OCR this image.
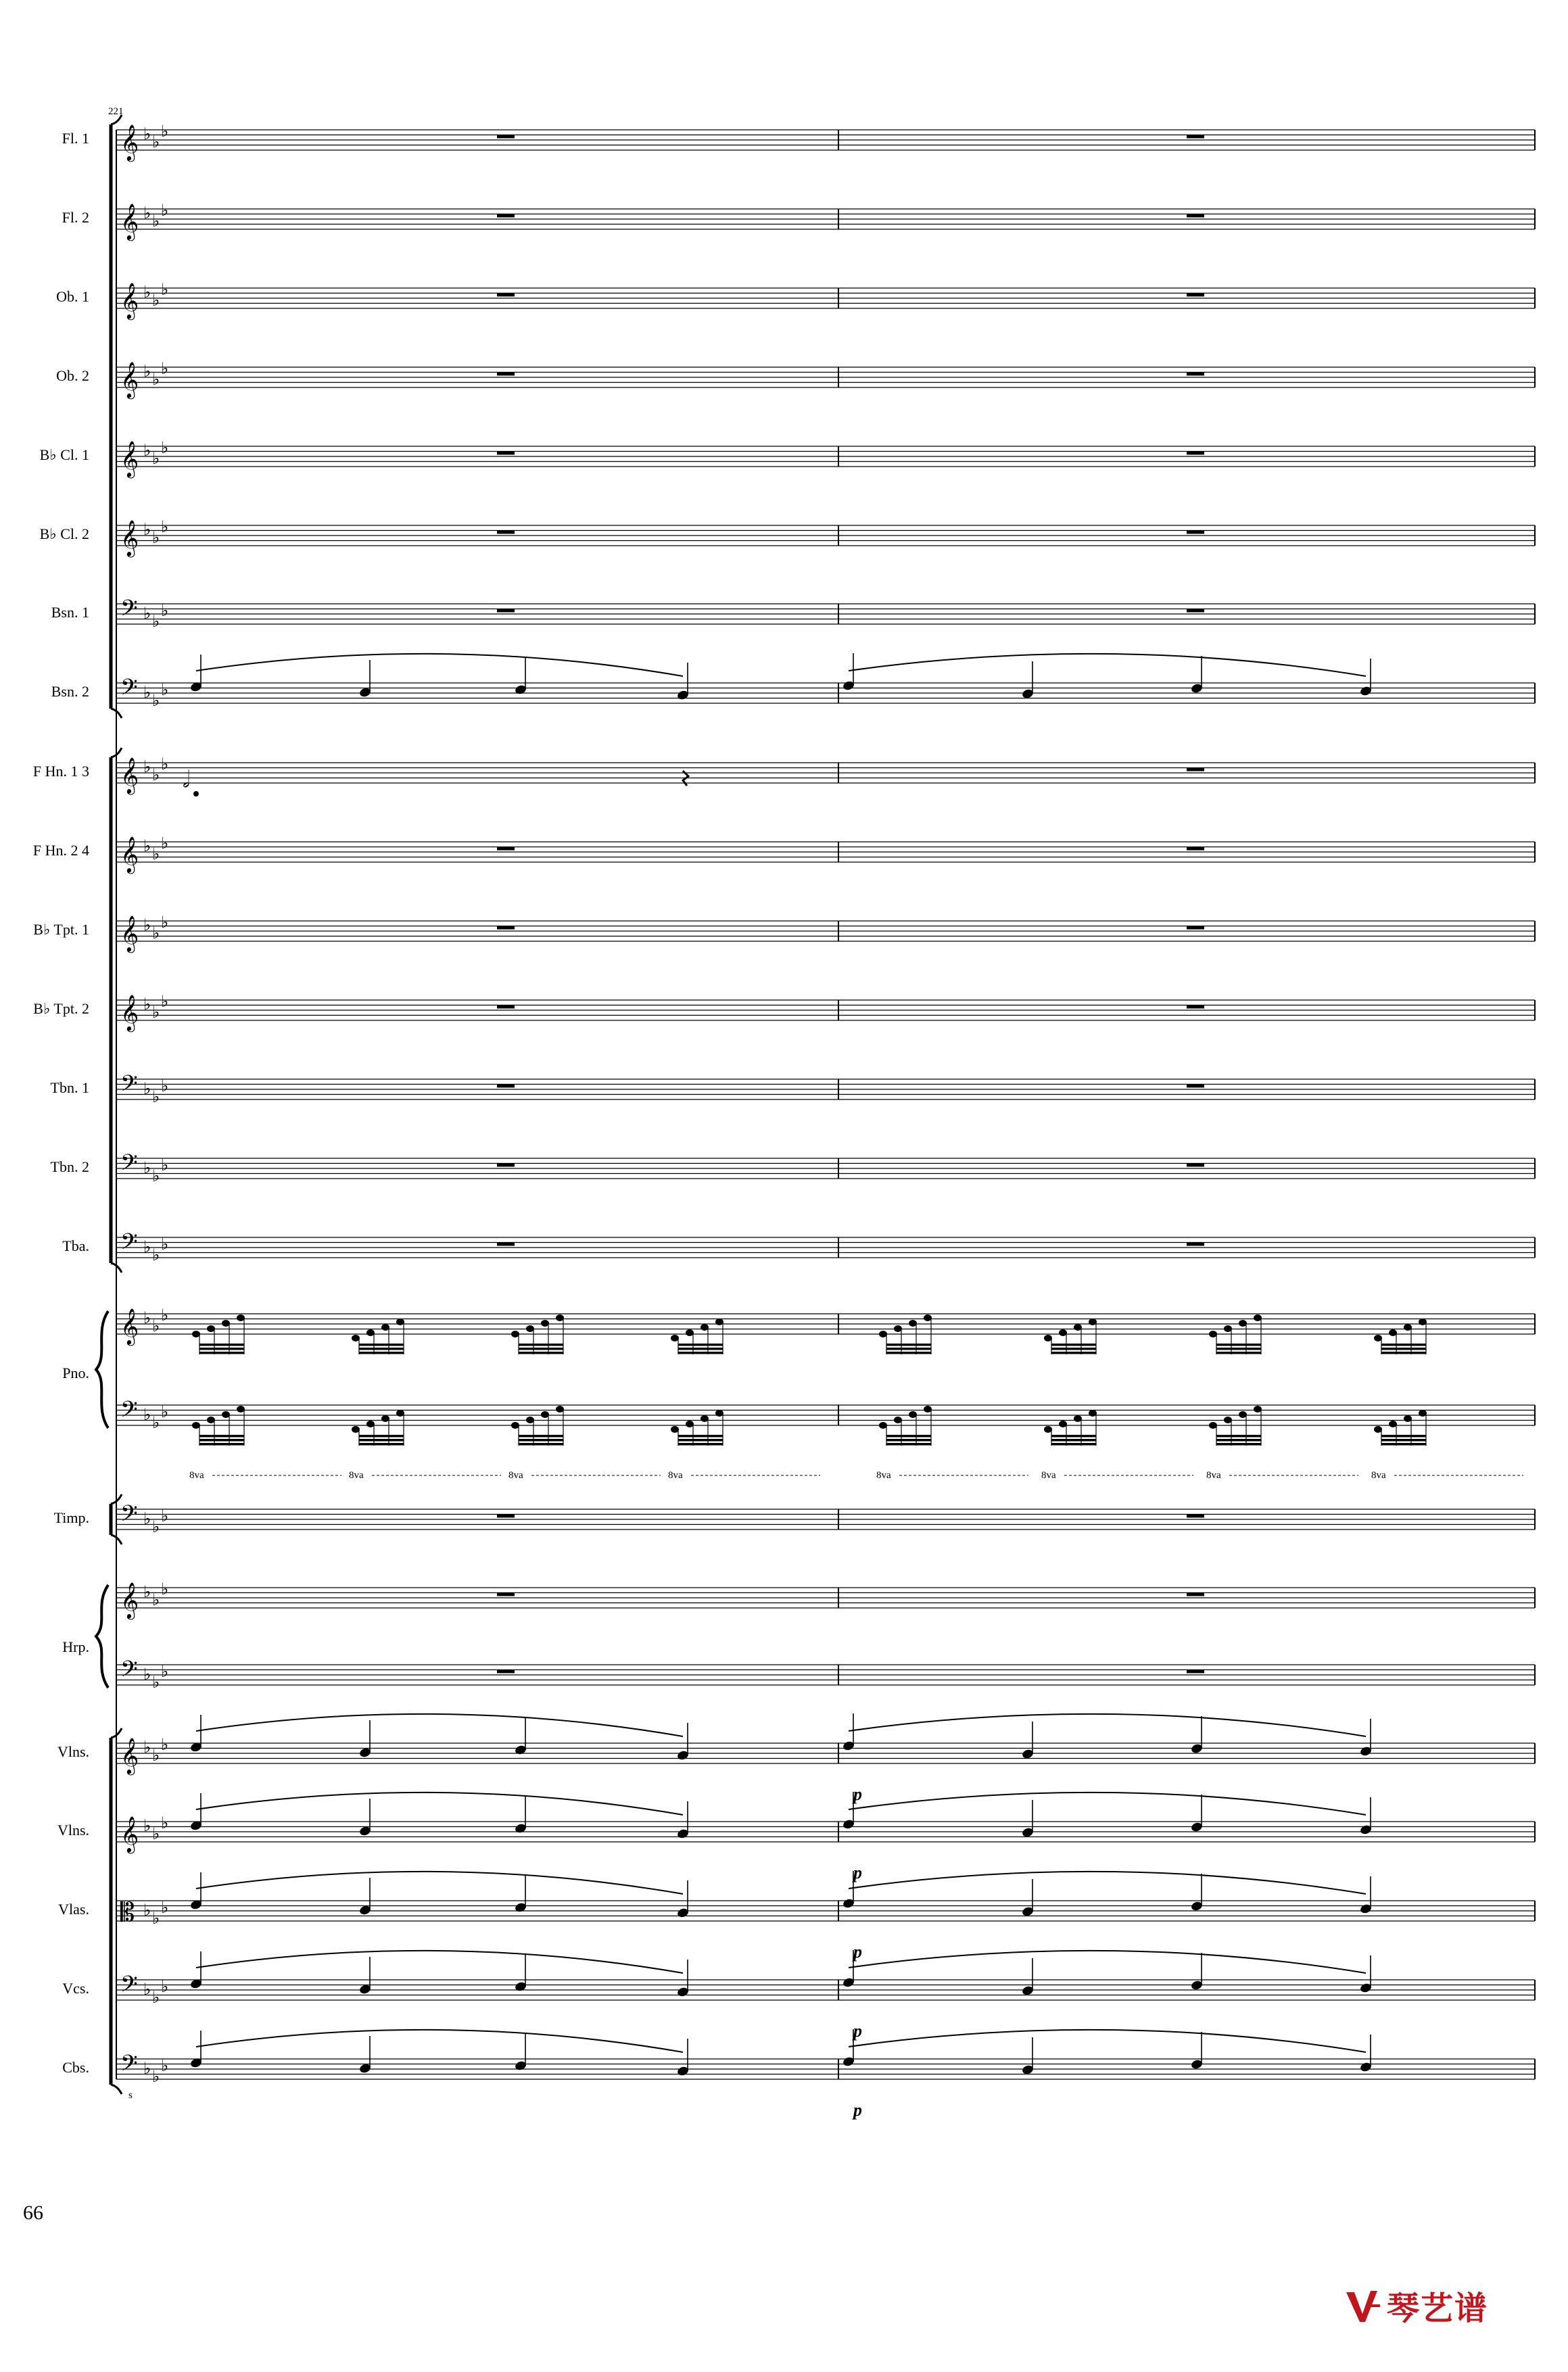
221
Fl. 1 𝄞 ♭ ♭
♭
Fl. 2 𝄞 ♭ ♭
♭
Ob. 1 𝄞 ♭ ♭
♭
Ob. 2 𝄞 ♭ ♭
♭
B♭ Cl. 1 𝄞 ♭ ♭
♭
B♭ Cl. 2 𝄞 ♭ ♭
♭
Bsn. 1 𝄢 ♭ ♭
♭
Bsn. 2 𝄢 ♭ ♭
♭
F Hn. 1 3 𝄞 ♭ ♭
♭
𝅗𝅥
F Hn. 2 4 𝄞 ♭ ♭
♭
B♭ Tpt. 1 𝄞 ♭ ♭
♭
B♭ Tpt. 2 𝄞 ♭ ♭
♭
Tbn. 1 𝄢 ♭ ♭
♭
Tbn. 2 𝄢 ♭ ♭
♭
Tba. 𝄢 ♭ ♭
♭
Pno.
𝄞 ♭ ♭
♭
𝄢 ♭ ♭
♭
8va	8va	8va	8va	8va	8va	8va	8va
Timp. 𝄢 ♭ ♭
♭
Hrp.
𝄞 ♭ ♭
♭
𝄢 ♭ ♭
♭
Vlns. 𝄞 ♭ ♭
♭
p
Vlns. 𝄞 ♭ ♭
♭
p
Vlas. 𝄡 ♭ ♭
♭
p
Vcs. 𝄢 ♭ ♭
♭
p
Cbs. 𝄢 ♭ ♭
♭
p
s
66
琴艺谱
